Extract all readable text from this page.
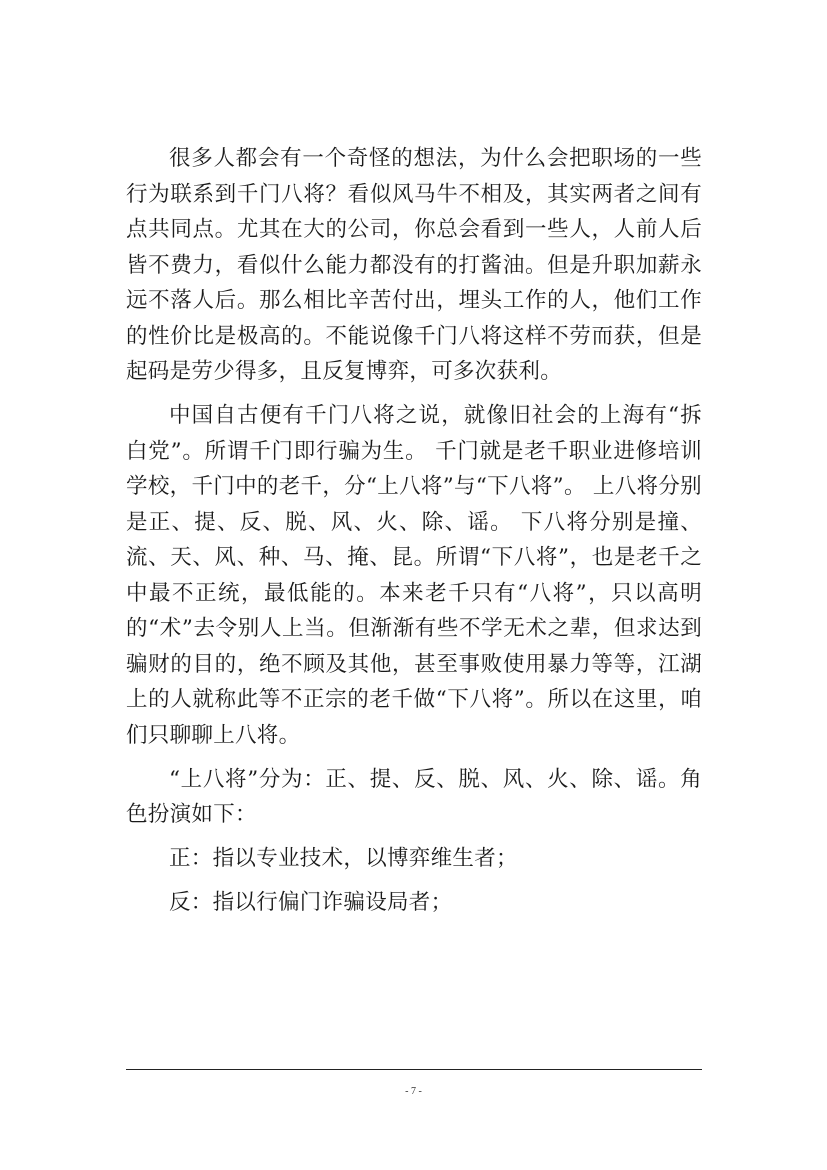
很多人都会有一个奇怪的想法，为什么会把职场的一些行为联系到千门八将？看似风马牛不相及，其实两者之间有点共同点。尤其在大的公司，你总会看到一些人，人前人后皆不费力，看似什么能力都没有的打酱油。但是升职加薪永远不落人后。那么相比辛苦付出，埋头工作的人，他们工作的性价比是极高的。不能说像千门八将这样不劳而获，但是起码是劳少得多，且反复博弈，可多次获利。

中国自古便有千门八将之说，就像旧社会的上海有“拆白党”。所谓千门即行骗为生。 千门就是老千职业进修培训学校，千门中的老千，分“上八将”与“下八将”。 上八将分别是正、提、反、脱、风、火、除、谣。 下八将分别是撞、流、天、风、种、马、掩、昆。所谓“下八将”，也是老千之中最不正统，最低能的。本来老千只有“八将”，只以高明的“术”去令别人上当。但渐渐有些不学无术之辈，但求达到骗财的目的，绝不顾及其他，甚至事败使用暴力等等，江湖上的人就称此等不正宗的老千做“下八将”。所以在这里，咱们只聊聊上八将。

“上八将”分为：正、提、反、脱、风、火、除、谣。角色扮演如下：

正：指以专业技术，以博弈维生者；

反：指以行偏门诈骗设局者；

- 7 -
